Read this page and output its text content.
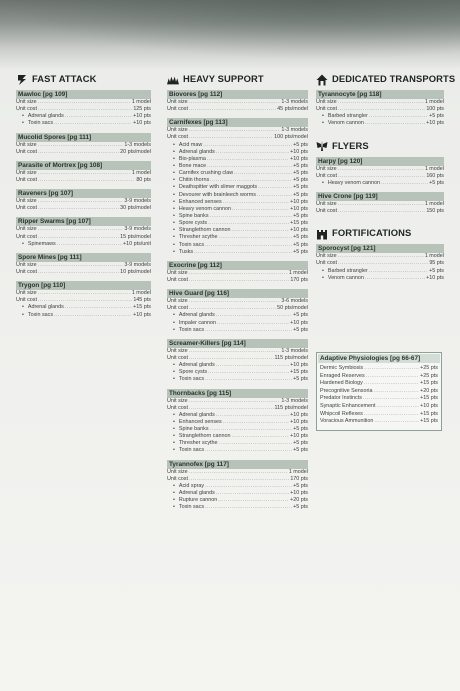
FAST ATTACK
Mawloc [pg 109]
Unit size .....	1 model
Unit cost .....	125 pts
• Adrenal glands .....	+10 pts
• Toxin sacs .....	+10 pts
Mucolid Spores [pg 111]
Unit size .....	1-3 models
Unit cost .....	20 pts/model
Parasite of Mortrex [pg 108]
Unit size .....	1 model
Unit cost .....	80 pts
Raveners [pg 107]
Unit size .....	3-9 models
Unit cost .....	30 pts/model
Ripper Swarms [pg 107]
Unit size .....	3-9 models
Unit cost .....	15 pts/model
• Spinemaws .....	+10 pts/unit
Spore Mines [pg 111]
Unit size .....	3-9 models
Unit cost .....	10 pts/model
Trygon [pg 110]
Unit size .....	1 model
Unit cost .....	145 pts
• Adrenal glands .....	+15 pts
• Toxin sacs .....	+10 pts
HEAVY SUPPORT
Biovores [pg 112]
Unit size .....	1-3 models
Unit cost .....	45 pts/model
Carnifexes [pg 113]
Unit size .....	1-3 models
Unit cost .....	100 pts/model
• Acid maw .....	+5 pts
• Adrenal glands .....	+10 pts
• Bio-plasma .....	+10 pts
• Bone mace .....	+5 pts
• Carnifex crushing claw .....	+5 pts
• Chitin thorns .....	+5 pts
• Deathspitter with slimer maggots .....	+5 pts
• Devourer with brainleech worms .....	+5 pts
• Enhanced senses .....	+10 pts
• Heavy venom cannon .....	+10 pts
• Spine banks .....	+5 pts
• Spore cysts .....	+15 pts
• Stranglethorn cannon .....	+10 pts
• Thresher scythe .....	+5 pts
• Toxin sacs .....	+5 pts
• Tusks .....	+5 pts
Exocrine [pg 112]
Unit size .....	1 model
Unit cost .....	170 pts
Hive Guard [pg 116]
Unit size .....	3-6 models
Unit cost .....	50 pts/model
• Adrenal glands .....	+5 pts
• Impaler cannon .....	+10 pts
• Toxin sacs .....	+5 pts
Screamer-Killers [pg 114]
Unit size .....	1-3 models
Unit cost .....	115 pts/model
• Adrenal glands .....	+10 pts
• Spore cysts .....	+15 pts
• Toxin sacs .....	+5 pts
Thornbacks [pg 115]
Unit size .....	1-3 models
Unit cost .....	115 pts/model
• Adrenal glands .....	+10 pts
• Enhanced senses .....	+10 pts
• Spine banks .....	+5 pts
• Stranglethorn cannon .....	+10 pts
• Thresher scythe .....	+5 pts
• Toxin sacs .....	+5 pts
Tyrannofex [pg 117]
Unit size .....	1 model
Unit cost .....	170 pts
• Acid spray .....	+5 pts
• Adrenal glands .....	+10 pts
• Rupture cannon .....	+20 pts
• Toxin sacs .....	+5 pts
DEDICATED TRANSPORTS
Tyrannocyte [pg 118]
Unit size .....	1 model
Unit cost .....	100 pts
• Barbed strangler .....	+5 pts
• Venom cannon .....	+10 pts
FLYERS
Harpy [pg 120]
Unit size .....	1 model
Unit cost .....	160 pts
• Heavy venom cannon .....	+5 pts
Hive Crone [pg 119]
Unit size .....	1 model
Unit cost .....	150 pts
FORTIFICATIONS
Sporocyst [pg 121]
Unit size .....	1 model
Unit cost .....	95 pts
• Barbed strangler .....	+5 pts
• Venom cannon .....	+10 pts
Adaptive Physiologies [pg 66-67]
Dermic Symbiosis .....	+25 pts
Enraged Reserves .....	+25 pts
Hardened Biology .....	+15 pts
Precognitive Sensoria .....	+20 pts
Predator Instincts .....	+15 pts
Synaptic Enhancement .....	+10 pts
Whipcoil Reflexes .....	+15 pts
Voracious Ammunition .....	+15 pts
